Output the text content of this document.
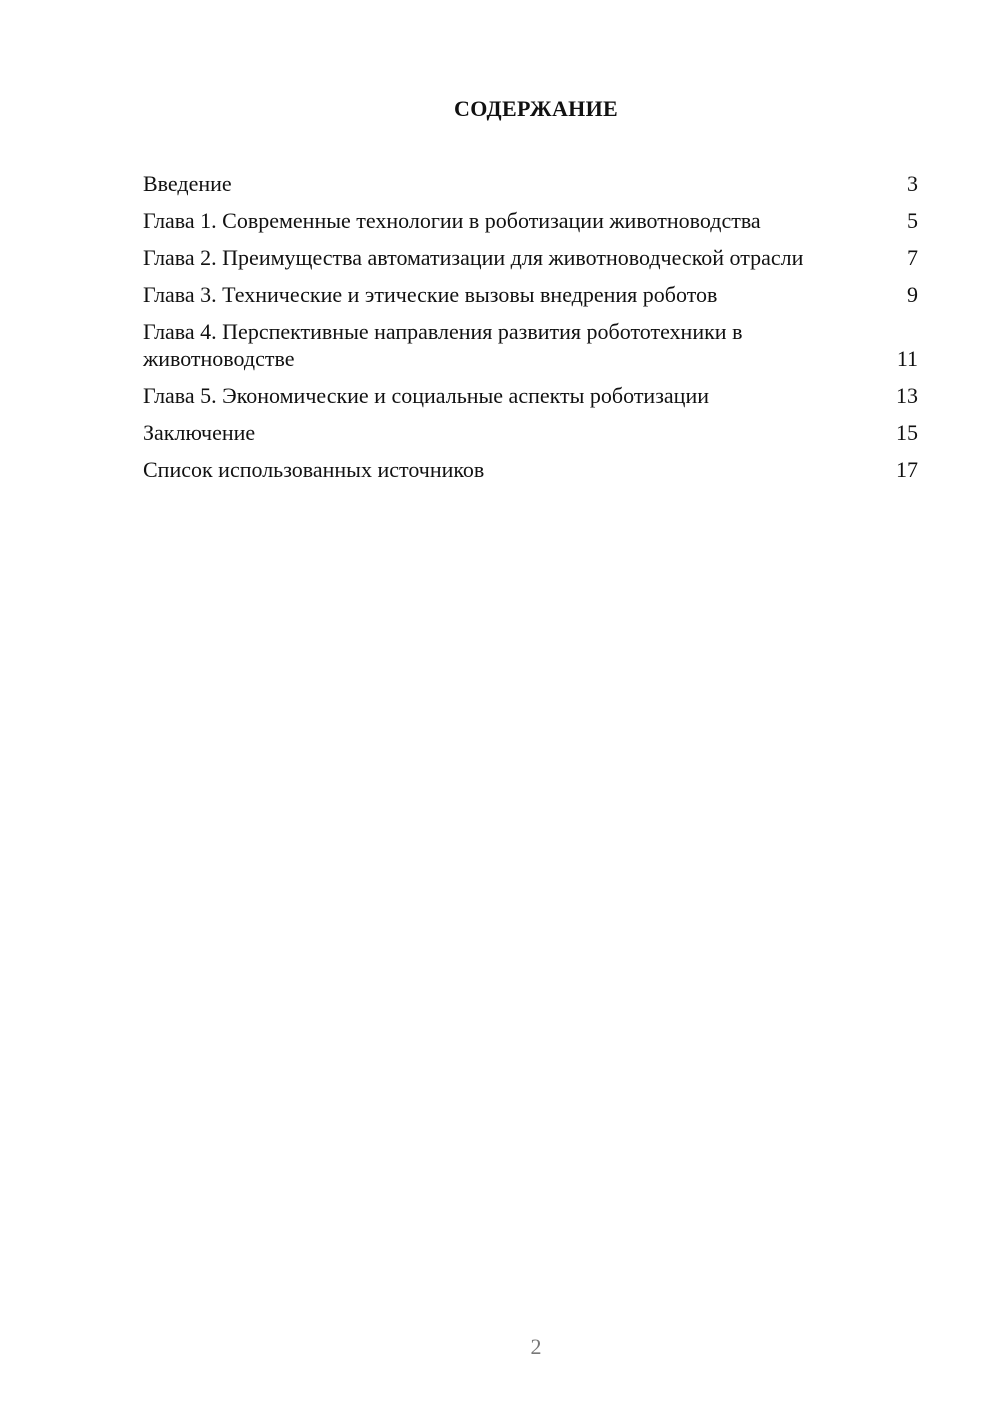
СОДЕРЖАНИЕ
Введение	3
Глава 1. Современные технологии в роботизации животноводства	5
Глава 2. Преимущества автоматизации для животноводческой отрасли	7
Глава 3. Технические и этические вызовы внедрения роботов	9
Глава 4. Перспективные направления развития робототехники в животноводстве	11
Глава 5. Экономические и социальные аспекты роботизации	13
Заключение	15
Список использованных источников	17
2
